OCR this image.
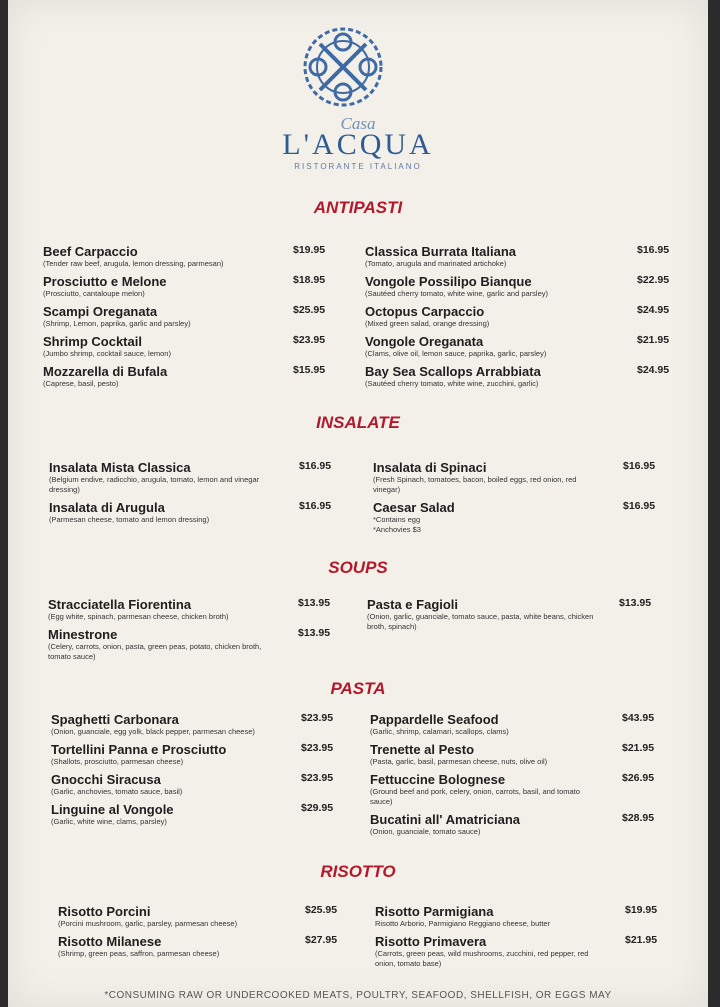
Casa
L'ACQUA
RISTORANTE ITALIANO
ANTIPASTI
Beef Carpaccio	$19.95
(Tender raw beef, arugula, lemon dressing, parmesan)
Prosciutto e Melone	$18.95
(Prosciutto, cantaloupe melon)
Scampi Oreganata	$25.95
(Shrimp, Lemon, paprika, garlic and parsley)
Shrimp Cocktail	$23.95
(Jumbo shrimp, cocktail sauce, lemon)
Mozzarella di Bufala	$15.95
(Caprese, basil, pesto)
Classica Burrata Italiana	$16.95
(Tomato, arugula and marinated artichoke)
Vongole Possilipo Bianque	$22.95
(Sautéed cherry tomato, white wine, garlic and parsley)
Octopus Carpaccio	$24.95
(Mixed green salad, orange dressing)
Vongole Oreganata	$21.95
(Clams, olive oil, lemon sauce, paprika, garlic, parsley)
Bay Sea Scallops Arrabbiata	$24.95
(Sautéed cherry tomato, white wine, zucchini, garlic)
INSALATE
Insalata Mista Classica	$16.95
(Belgium endive, radicchio, arugula, tomato, lemon and vinegar dressing)
Insalata di Arugula	$16.95
(Parmesan cheese, tomato and lemon dressing)
Insalata di Spinaci	$16.95
(Fresh Spinach, tomatoes, bacon, boiled eggs, red onion, red vinegar)
Caesar Salad	$16.95
*Contains egg
*Anchovies $3
SOUPS
Stracciatella Fiorentina	$13.95
(Egg white, spinach, parmesan cheese, chicken broth)
Minestrone	$13.95
(Celery, carrots, onion, pasta, green peas, potato, chicken broth, tomato sauce)
Pasta e Fagioli	$13.95
(Onion, garlic, guanciale, tomato sauce, pasta, white beans, chicken broth, spinach)
PASTA
Spaghetti Carbonara	$23.95
(Onion, guanciale, egg yolk, black pepper, parmesan cheese)
Tortellini Panna e Prosciutto	$23.95
(Shallots, prosciutto, parmesan cheese)
Gnocchi Siracusa	$23.95
(Garlic, anchovies, tomato sauce, basil)
Linguine al Vongole	$29.95
(Garlic, white wine, clams, parsley)
Pappardelle Seafood	$43.95
(Garlic, shrimp, calamari, scallops, clams)
Trenette al Pesto	$21.95
(Pasta, garlic, basil, parmesan cheese, nuts, olive oil)
Fettuccine Bolognese	$26.95
(Ground beef and pork, celery, onion, carrots, basil, and tomato sauce)
Bucatini all' Amatriciana	$28.95
(Onion, guanciale, tomato sauce)
RISOTTO
Risotto Porcini	$25.95
(Porcini mushroom, garlic, parsley, parmesan cheese)
Risotto Milanese	$27.95
(Shrimp, green peas, saffron, parmesan cheese)
Risotto Parmigiana	$19.95
Risotto Arborio, Parmigiano Reggiano cheese, butter
Risotto Primavera	$21.95
(Carrots, green peas, wild mushrooms, zucchini, red pepper, red onion, tomato base)
*CONSUMING RAW OR UNDERCOOKED MEATS, POULTRY, SEAFOOD, SHELLFISH, OR EGGS MAY
